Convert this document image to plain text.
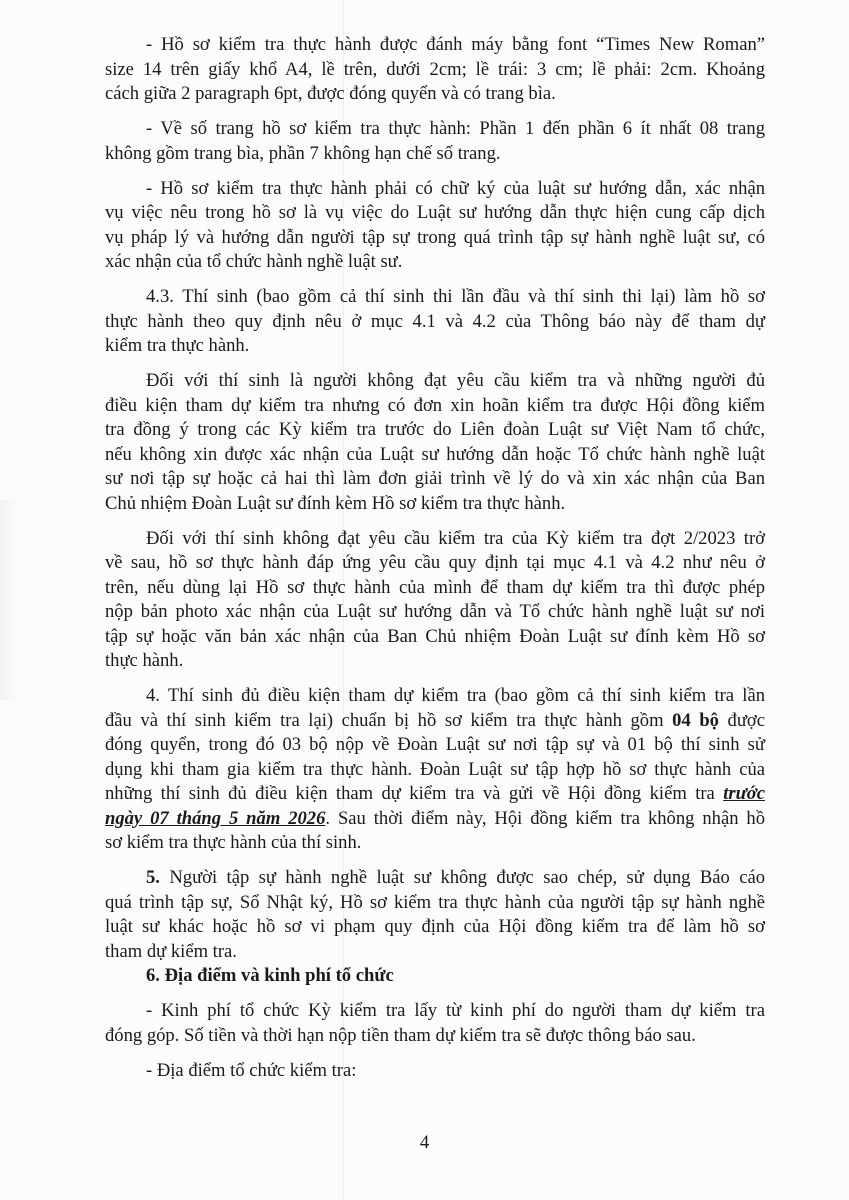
- Hồ sơ kiểm tra thực hành được đánh máy bằng font “Times New Roman”
size 14 trên giấy khổ A4, lề trên, dưới 2cm; lề trái: 3 cm; lề phải: 2cm. Khoảng
cách giữa 2 paragraph 6pt, được đóng quyển và có trang bìa.
- Về số trang hồ sơ kiểm tra thực hành: Phần 1 đến phần 6 ít nhất 08 trang
không gồm trang bìa, phần 7 không hạn chế số trang.
- Hồ sơ kiểm tra thực hành phải có chữ ký của luật sư hướng dẫn, xác nhận
vụ việc nêu trong hồ sơ là vụ việc do Luật sư hướng dẫn thực hiện cung cấp dịch
vụ pháp lý và hướng dẫn người tập sự trong quá trình tập sự hành nghề luật sư, có
xác nhận của tổ chức hành nghề luật sư.
4.3. Thí sinh (bao gồm cả thí sinh thi lần đầu và thí sinh thi lại) làm hồ sơ
thực hành theo quy định nêu ở mục 4.1 và 4.2 của Thông báo này để tham dự
kiểm tra thực hành.
Đối với thí sinh là người không đạt yêu cầu kiểm tra và những người đủ
điều kiện tham dự kiểm tra nhưng có đơn xin hoãn kiểm tra được Hội đồng kiểm
tra đồng ý trong các Kỳ kiểm tra trước do Liên đoàn Luật sư Việt Nam tổ chức,
nếu không xin được xác nhận của Luật sư hướng dẫn hoặc Tổ chức hành nghề luật
sư nơi tập sự hoặc cả hai thì làm đơn giải trình về lý do và xin xác nhận của Ban
Chủ nhiệm Đoàn Luật sư đính kèm Hồ sơ kiểm tra thực hành.
Đối với thí sinh không đạt yêu cầu kiểm tra của Kỳ kiểm tra đợt 2/2023 trở
về sau, hồ sơ thực hành đáp ứng yêu cầu quy định tại mục 4.1 và 4.2 như nêu ở
trên, nếu dùng lại Hồ sơ thực hành của mình để tham dự kiểm tra thì được phép
nộp bản photo xác nhận của Luật sư hướng dẫn và Tổ chức hành nghề luật sư nơi
tập sự hoặc văn bản xác nhận của Ban Chủ nhiệm Đoàn Luật sư đính kèm Hồ sơ
thực hành.
4. Thí sinh đủ điều kiện tham dự kiểm tra (bao gồm cả thí sinh kiểm tra lần
đầu và thí sinh kiểm tra lại) chuẩn bị hồ sơ kiểm tra thực hành gồm 04 bộ được
đóng quyển, trong đó 03 bộ nộp về Đoàn Luật sư nơi tập sự và 01 bộ thí sinh sử
dụng khi tham gia kiểm tra thực hành. Đoàn Luật sư tập hợp hồ sơ thực hành của
những thí sinh đủ điều kiện tham dự kiểm tra và gửi về Hội đồng kiểm tra trước
ngày 07 tháng 5 năm 2026. Sau thời điểm này, Hội đồng kiểm tra không nhận hồ
sơ kiểm tra thực hành của thí sinh.
5. Người tập sự hành nghề luật sư không được sao chép, sử dụng Báo cáo
quá trình tập sự, Sổ Nhật ký, Hồ sơ kiểm tra thực hành của người tập sự hành nghề
luật sư khác hoặc hồ sơ vi phạm quy định của Hội đồng kiểm tra để làm hồ sơ
tham dự kiểm tra.
6. Địa điểm và kinh phí tổ chức
- Kinh phí tổ chức Kỳ kiểm tra lấy từ kinh phí do người tham dự kiểm tra
đóng góp. Số tiền và thời hạn nộp tiền tham dự kiểm tra sẽ được thông báo sau.
- Địa điểm tổ chức kiểm tra:
4
